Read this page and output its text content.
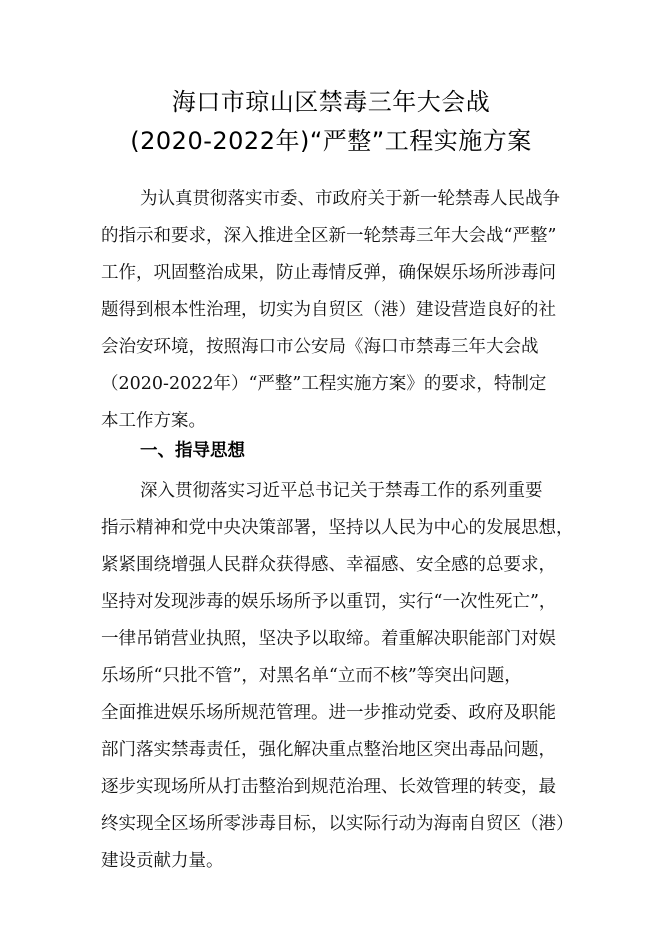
海口市琼山区禁毒三年大会战
(2020-2022年)“严整”工程实施方案
为认真贯彻落实市委、市政府关于新一轮禁毒人民战争
的指示和要求，深入推进全区新一轮禁毒三年大会战“严整”
工作，巩固整治成果，防止毒情反弹，确保娱乐场所涉毒问
题得到根本性治理，切实为自贸区（港）建设营造良好的社
会治安环境，按照海口市公安局《海口市禁毒三年大会战
（2020-2022年）“严整”工程实施方案》的要求，特制定
本工作方案。
一、指导思想
深入贯彻落实习近平总书记关于禁毒工作的系列重要
指示精神和党中央决策部署，坚持以人民为中心的发展思想，
紧紧围绕增强人民群众获得感、幸福感、安全感的总要求，
坚持对发现涉毒的娱乐场所予以重罚，实行“一次性死亡”，
一律吊销营业执照，坚决予以取缔。着重解决职能部门对娱
乐场所“只批不管”，对黑名单“立而不核”等突出问题，
全面推进娱乐场所规范管理。进一步推动党委、政府及职能
部门落实禁毒责任，强化解决重点整治地区突出毒品问题，
逐步实现场所从打击整治到规范治理、长效管理的转变，最
终实现全区场所零涉毒目标，以实际行动为海南自贸区（港）
建设贡献力量。
